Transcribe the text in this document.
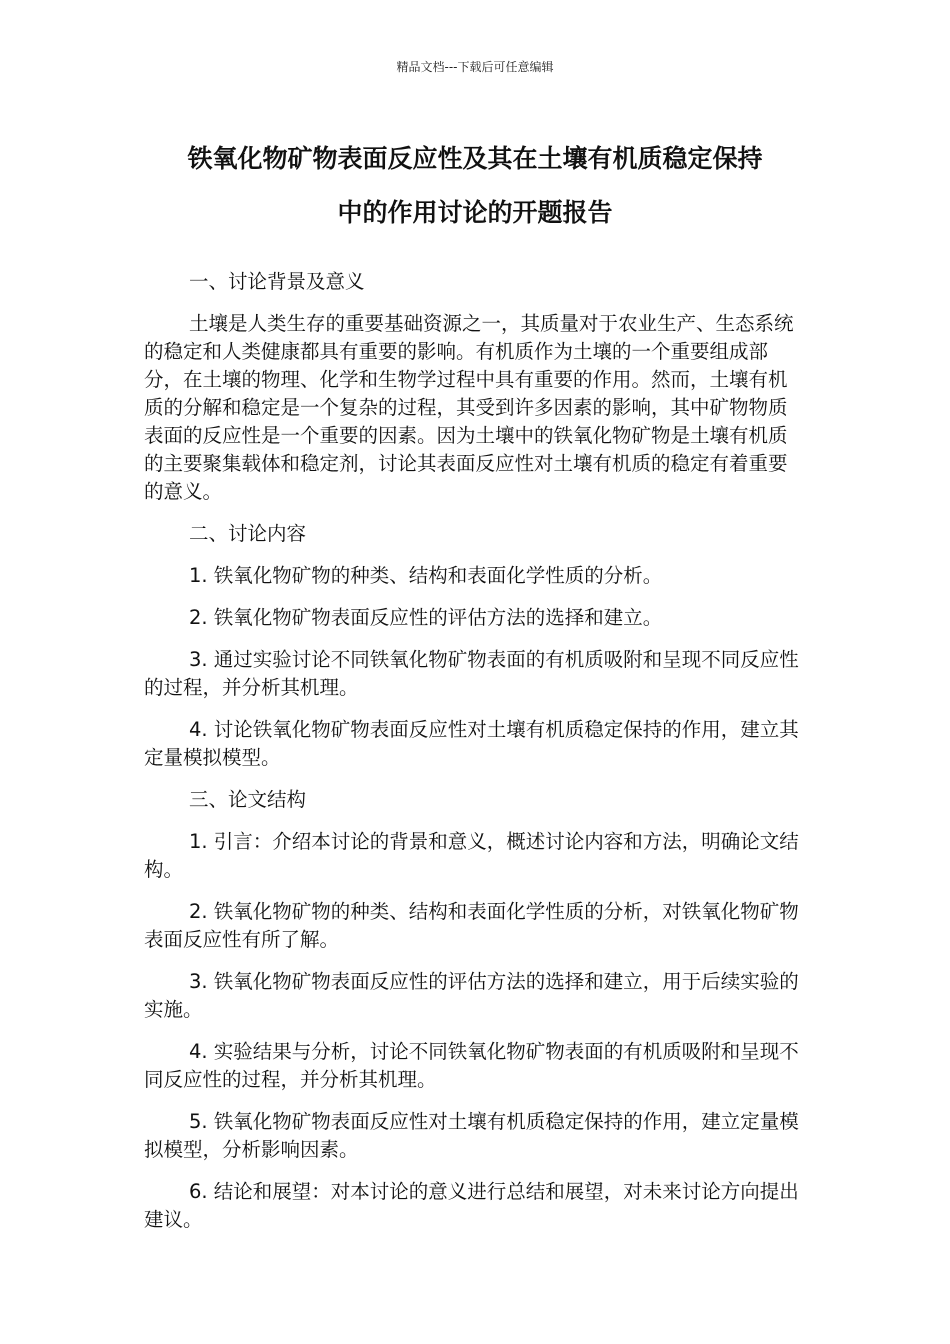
精品文档---下载后可任意编辑
铁氧化物矿物表面反应性及其在土壤有机质稳定保持
中的作用讨论的开题报告

一、讨论背景及意义

土壤是人类生存的重要基础资源之一，其质量对于农业生产、生态系统的稳定和人类健康都具有重要的影响。有机质作为土壤的一个重要组成部分，在土壤的物理、化学和生物学过程中具有重要的作用。然而，土壤有机质的分解和稳定是一个复杂的过程，其受到许多因素的影响，其中矿物物质表面的反应性是一个重要的因素。因为土壤中的铁氧化物矿物是土壤有机质的主要聚集载体和稳定剂，讨论其表面反应性对土壤有机质的稳定有着重要的意义。

二、讨论内容

1. 铁氧化物矿物的种类、结构和表面化学性质的分析。

2. 铁氧化物矿物表面反应性的评估方法的选择和建立。

3. 通过实验讨论不同铁氧化物矿物表面的有机质吸附和呈现不同反应性的过程，并分析其机理。

4. 讨论铁氧化物矿物表面反应性对土壤有机质稳定保持的作用，建立其定量模拟模型。

三、论文结构

1. 引言：介绍本讨论的背景和意义，概述讨论内容和方法，明确论文结构。

2. 铁氧化物矿物的种类、结构和表面化学性质的分析，对铁氧化物矿物表面反应性有所了解。

3. 铁氧化物矿物表面反应性的评估方法的选择和建立，用于后续实验的实施。

4. 实验结果与分析，讨论不同铁氧化物矿物表面的有机质吸附和呈现不同反应性的过程，并分析其机理。

5. 铁氧化物矿物表面反应性对土壤有机质稳定保持的作用，建立定量模拟模型，分析影响因素。

6. 结论和展望：对本讨论的意义进行总结和展望，对未来讨论方向提出建议。
